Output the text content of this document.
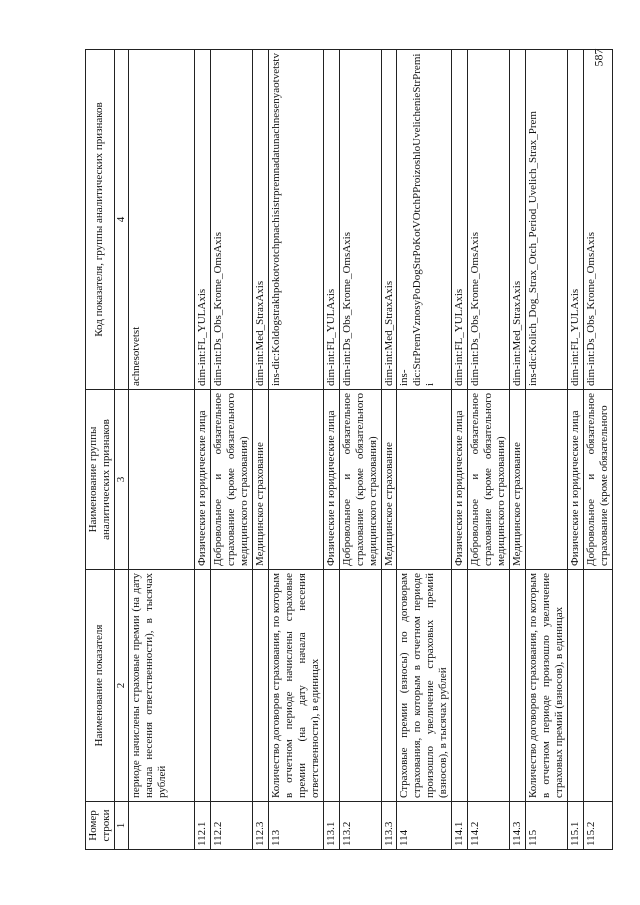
587
Номер строки	Наименование показателя	Наименование группы аналитических признаков	Код показателя, группы аналитических признаков
1	2	3	4
	периоде начислены страховые премии (на дату начала несения ответственности), в тысячах рублей		achnesotvetst
112.1		Физические и юридические лица	dim-int:FL_YULAxis
112.2		Добровольное и обязательное страхование (кроме обязательного медицинского страхования)	dim-int:Ds_Obs_Krome_OmsAxis
112.3		Медицинское страхование	dim-int:Med_StraxAxis
113	Количество договоров страхования, по которым в отчетном периоде начислены страховые премии (на дату начала несения ответственности), в единицах		ins-dic:Koldogstrakhpokotvotchpnachisistrpremnadatunachnesenyaotvetstv
113.1		Физические и юридические лица	dim-int:FL_YULAxis
113.2		Добровольное и обязательное страхование (кроме обязательного медицинского страхования)	dim-int:Ds_Obs_Krome_OmsAxis
113.3		Медицинское страхование	dim-int:Med_StraxAxis
114	Страховые премии (взносы) по договорам страхования, по которым в отчетном периоде произошло увеличение страховых премий (взносов), в тысячах рублей		ins-dic:StrPremVznosyPoDogStrPoKotVOtchPProizoshloUvelichenieStrPremii
114.1		Физические и юридические лица	dim-int:FL_YULAxis
114.2		Добровольное и обязательное страхование (кроме обязательного медицинского страхования)	dim-int:Ds_Obs_Krome_OmsAxis
114.3		Медицинское страхование	dim-int:Med_StraxAxis
115	Количество договоров страхования, по которым в отчетном периоде произошло увеличение страховых премий (взносов), в единицах		ins-dic:Kolich_Dog_Strax_Otch_Period_Uvelich_Strax_Prem
115.1		Физические и юридические лица	dim-int:FL_YULAxis
115.2		Добровольное и обязательное страхование (кроме обязательного	dim-int:Ds_Obs_Krome_OmsAxis
